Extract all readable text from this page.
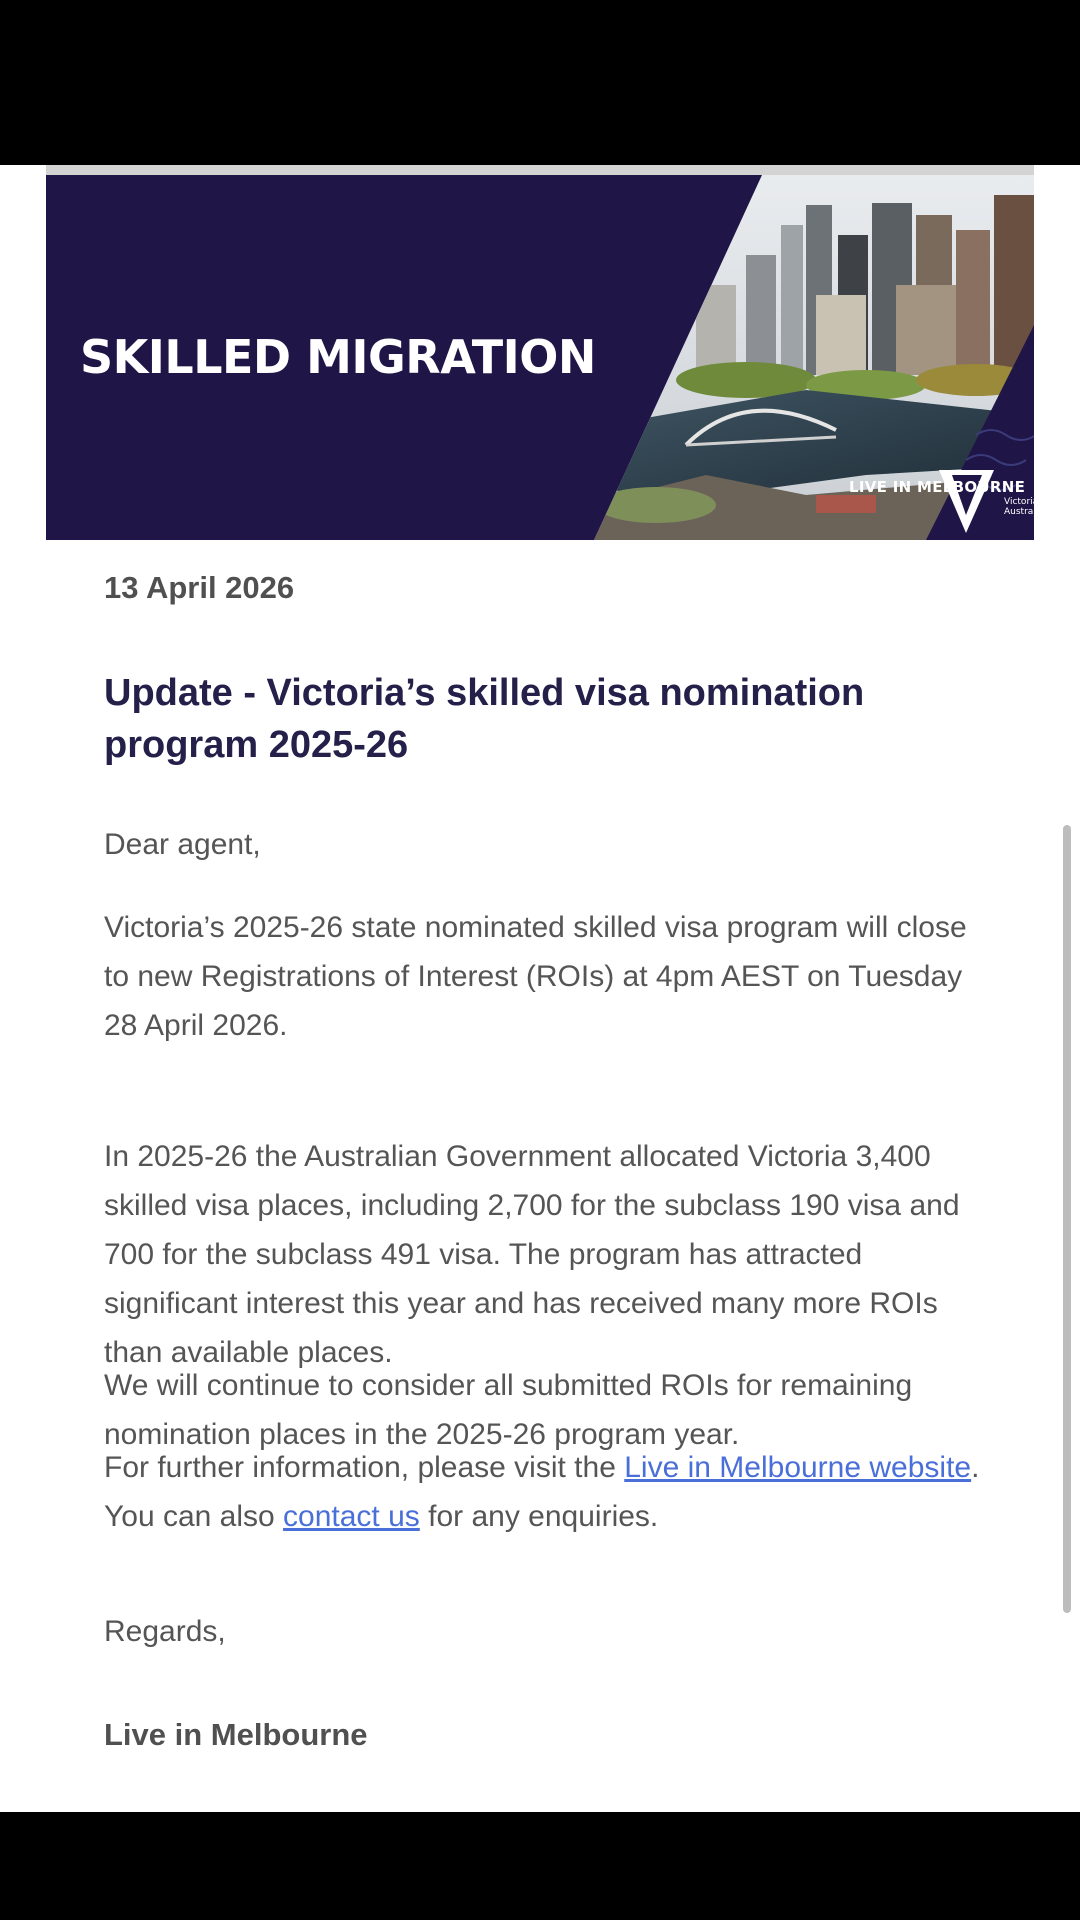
SKILLED MIGRATION
LIVE IN MELBOURNE
Victoria
Australia
13 April 2026
Update - Victoria’s skilled visa nomination program 2025-26
Dear agent,
Victoria’s 2025-26 state nominated skilled visa program will close to new Registrations of Interest (ROIs) at 4pm AEST on Tuesday 28 April 2026.
In 2025-26 the Australian Government allocated Victoria 3,400 skilled visa places, including 2,700 for the subclass 190 visa and 700 for the subclass 491 visa. The program has attracted significant interest this year and has received many more ROIs than available places.
We will continue to consider all submitted ROIs for remaining nomination places in the 2025-26 program year.
For further information, please visit the Live in Melbourne website. You can also contact us for any enquiries.
Regards,
Live in Melbourne
